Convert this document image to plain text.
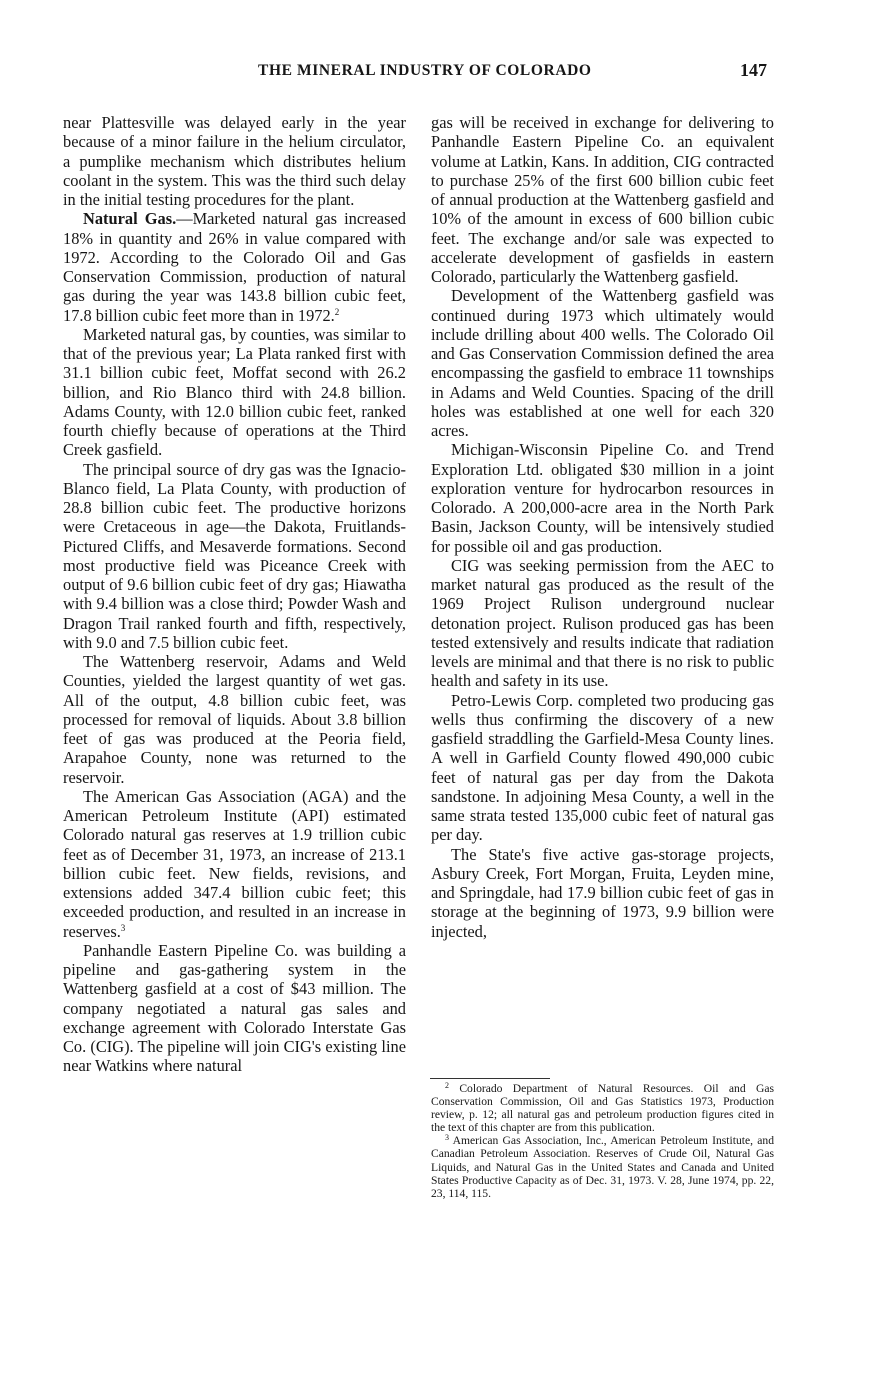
THE MINERAL INDUSTRY OF COLORADO	147

near Plattesville was delayed early in the year because of a minor failure in the helium circulator, a pumplike mechanism which distributes helium coolant in the system. This was the third such delay in the initial testing procedures for the plant.

Natural Gas.—Marketed natural gas increased 18% in quantity and 26% in value compared with 1972. According to the Colorado Oil and Gas Conservation Commission, production of natural gas during the year was 143.8 billion cubic feet, 17.8 billion cubic feet more than in 1972.$^2$

Marketed natural gas, by counties, was similar to that of the previous year; La Plata ranked first with 31.1 billion cubic feet, Moffat second with 26.2 billion, and Rio Blanco third with 24.8 billion. Adams County, with 12.0 billion cubic feet, ranked fourth chiefly because of operations at the Third Creek gasfield.

The principal source of dry gas was the Ignacio-Blanco field, La Plata County, with production of 28.8 billion cubic feet. The productive horizons were Cretaceous in age—the Dakota, Fruitlands-Pictured Cliffs, and Mesaverde formations. Second most productive field was Piceance Creek with output of 9.6 billion cubic feet of dry gas; Hiawatha with 9.4 billion was a close third; Powder Wash and Dragon Trail ranked fourth and fifth, respectively, with 9.0 and 7.5 billion cubic feet.

The Wattenberg reservoir, Adams and Weld Counties, yielded the largest quantity of wet gas. All of the output, 4.8 billion cubic feet, was processed for removal of liquids. About 3.8 billion feet of gas was produced at the Peoria field, Arapahoe County, none was returned to the reservoir.

The American Gas Association (AGA) and the American Petroleum Institute (API) estimated Colorado natural gas reserves at 1.9 trillion cubic feet as of December 31, 1973, an increase of 213.1 billion cubic feet. New fields, revisions, and extensions added 347.4 billion cubic feet; this exceeded production, and resulted in an increase in reserves.$^3$

Panhandle Eastern Pipeline Co. was building a pipeline and gas-gathering system in the Wattenberg gasfield at a cost of $43 million. The company negotiated a natural gas sales and exchange agreement with Colorado Interstate Gas Co. (CIG). The pipeline will join CIG's existing line near Watkins where natural

gas will be received in exchange for delivering to Panhandle Eastern Pipeline Co. an equivalent volume at Latkin, Kans. In addition, CIG contracted to purchase 25% of the first 600 billion cubic feet of annual production at the Wattenberg gasfield and 10% of the amount in excess of 600 billion cubic feet. The exchange and/or sale was expected to accelerate development of gasfields in eastern Colorado, particularly the Wattenberg gasfield.

Development of the Wattenberg gasfield was continued during 1973 which ultimately would include drilling about 400 wells. The Colorado Oil and Gas Conservation Commission defined the area encompassing the gasfield to embrace 11 townships in Adams and Weld Counties. Spacing of the drill holes was established at one well for each 320 acres.

Michigan-Wisconsin Pipeline Co. and Trend Exploration Ltd. obligated $30 million in a joint exploration venture for hydrocarbon resources in Colorado. A 200,000-acre area in the North Park Basin, Jackson County, will be intensively studied for possible oil and gas production.

CIG was seeking permission from the AEC to market natural gas produced as the result of the 1969 Project Rulison underground nuclear detonation project. Rulison produced gas has been tested extensively and results indicate that radiation levels are minimal and that there is no risk to public health and safety in its use.

Petro-Lewis Corp. completed two producing gas wells thus confirming the discovery of a new gasfield straddling the Garfield-Mesa County lines. A well in Garfield County flowed 490,000 cubic feet of natural gas per day from the Dakota sandstone. In adjoining Mesa County, a well in the same strata tested 135,000 cubic feet of natural gas per day.

The State's five active gas-storage projects, Asbury Creek, Fort Morgan, Fruita, Leyden mine, and Springdale, had 17.9 billion cubic feet of gas in storage at the beginning of 1973, 9.9 billion were injected,

$^2$ Colorado Department of Natural Resources. Oil and Gas Conservation Commission, Oil and Gas Statistics 1973, Production review, p. 12; all natural gas and petroleum production figures cited in the text of this chapter are from this publication.

$^3$ American Gas Association, Inc., American Petroleum Institute, and Canadian Petroleum Association. Reserves of Crude Oil, Natural Gas Liquids, and Natural Gas in the United States and Canada and United States Productive Capacity as of Dec. 31, 1973. V. 28, June 1974, pp. 22, 23, 114, 115.
